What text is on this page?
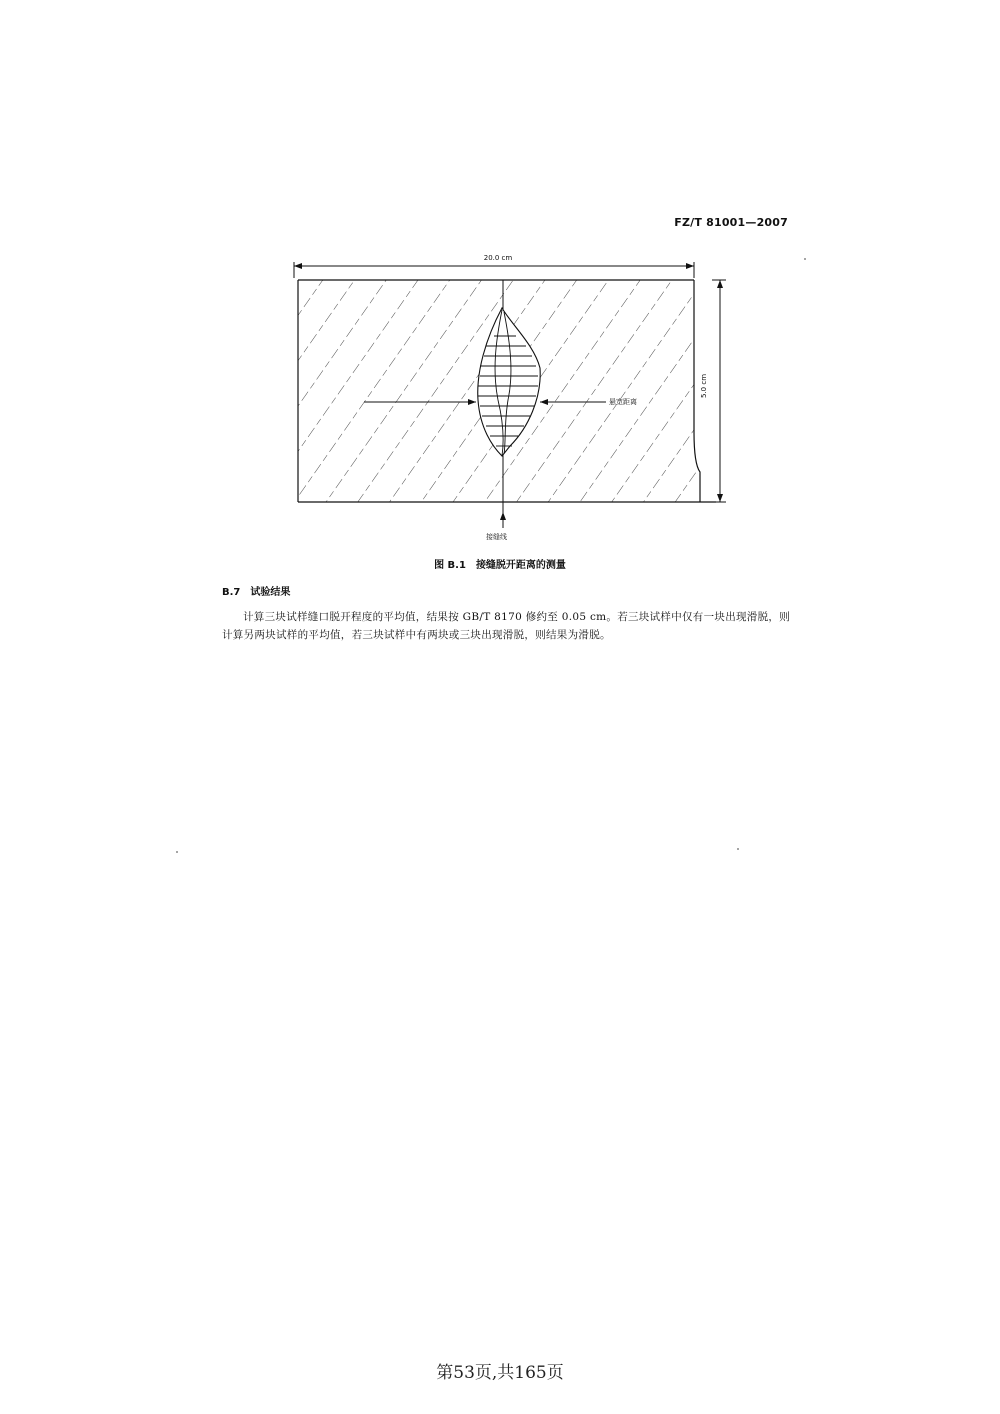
FZ/T 81001—2007
20.0 cm
悬宽距离
5.0 cm
接缝线
图 B.1 接缝脱开距离的测量
B.7 试验结果
计算三块试样缝口脱开程度的平均值，结果按 GB/T 8170 修约至 0.05 cm。若三块试样中仅有一块出现滑脱，则计算另两块试样的平均值，若三块试样中有两块或三块出现滑脱，则结果为滑脱。
第53页,共165页
